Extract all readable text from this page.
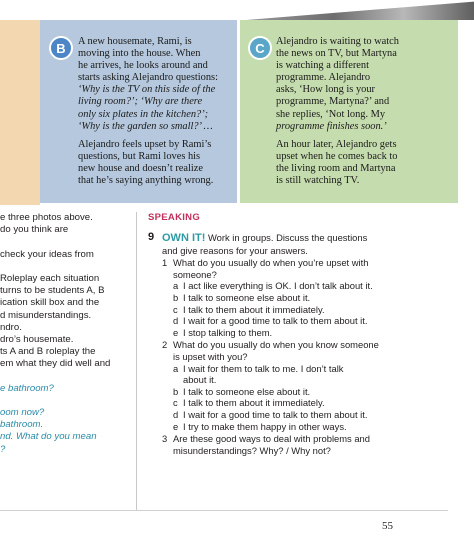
A new housemate, Rami, is
moving into the house. When
he arrives, he looks around and
starts asking Alejandro questions:
‘Why is the TV on this side of the
living room?’; ‘Why are there
only six plates in the kitchen?’;
‘Why is the garden so small?’ …

Alejandro feels upset by Rami’s
questions, but Rami loves his
new house and doesn’t realize
that he’s saying anything wrong.

B	Alejandro is waiting to watch
the news on TV, but Martyna
is watching a different
programme. Alejandro
asks, ‘How long is your
programme, Martyna?’ and
she replies, ‘Not long. My
programme finishes soon.’

An hour later, Alejandro gets
upset when he comes back to
the living room and Martyna
is still watching TV.

C
e three photos above.
do you think are
check your ideas from
Roleplay each situation
turns to be students A, B
ication skill box and the
d misunderstandings.
ndro.
dro’s housemate.
ts A and B roleplay the
em what they did well and
e bathroom?
oom now?
bathroom.
nd. What do you mean
?
SPEAKING
9 OWN IT! Work in groups. Discuss the questions
and give reasons for your answers.
1 What do you usually do when you’re upset with
someone?
a I act like everything is OK. I don’t talk about it.
b I talk to someone else about it.
c I talk to them about it immediately.
d I wait for a good time to talk to them about it.
e I stop talking to them.
2 What do you usually do when you know someone
is upset with you?
a I wait for them to talk to me. I don’t talk
about it.
b I talk to someone else about it.
c I talk to them about it immediately.
d I wait for a good time to talk to them about it.
e I try to make them happy in other ways.
3 Are these good ways to deal with problems and
misunderstandings? Why? / Why not?
55
